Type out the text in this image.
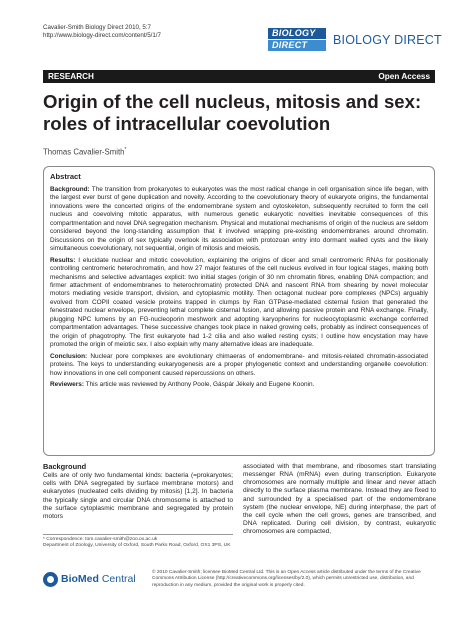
Cavalier-Smith Biology Direct 2010, 5:7
http://www.biology-direct.com/content/5/1/7	BIOLOGY
DIRECT	BIOLOGY DIRECT
RESEARCH	Open Access
Origin of the cell nucleus, mitosis and sex: roles of intracellular coevolution
Thomas Cavalier-Smith*
Abstract

Background: The transition from prokaryotes to eukaryotes was the most radical change in cell organisation since life began, with the largest ever burst of gene duplication and novelty. According to the coevolutionary theory of eukaryote origins, the fundamental innovations were the concerted origins of the endomembrane system and cytoskeleton, subsequently recruited to form the cell nucleus and coevolving mitotic apparatus, with numerous genetic eukaryotic novelties inevitable consequences of this compartmentation and novel DNA segregation mechanism. Physical and mutational mechanisms of origin of the nucleus are seldom considered beyond the long-standing assumption that it involved wrapping pre-existing endomembranes around chromatin. Discussions on the origin of sex typically overlook its association with protozoan entry into dormant walled cysts and the likely simultaneous coevolutionary, not sequential, origin of mitosis and meiosis.

Results: I elucidate nuclear and mitotic coevolution, explaining the origins of dicer and small centromeric RNAs for positionally controlling centromeric heterochromatin, and how 27 major features of the cell nucleus evolved in four logical stages, making both mechanisms and selective advantages explicit: two initial stages (origin of 30 nm chromatin fibres, enabling DNA compaction; and firmer attachment of endomembranes to heterochromatin) protected DNA and nascent RNA from shearing by novel molecular motors mediating vesicle transport, division, and cytoplasmic motility. Then octagonal nuclear pore complexes (NPCs) arguably evolved from COPII coated vesicle proteins trapped in clumps by Ran GTPase-mediated cisternal fusion that generated the fenestrated nuclear envelope, preventing lethal complete cisternal fusion, and allowing passive protein and RNA exchange. Finally, plugging NPC lumens by an FG-nucleoporin meshwork and adopting karyopherins for nucleocytoplasmic exchange conferred compartmentation advantages. These successive changes took place in naked growing cells, probably as indirect consequences of the origin of phagotrophy. The first eukaryote had 1-2 cilia and also walled resting cysts; I outline how encystation may have promoted the origin of meiotic sex. I also explain why many alternative ideas are inadequate.

Conclusion: Nuclear pore complexes are evolutionary chimaeras of endomembrane- and mitosis-related chromatin-associated proteins. The keys to understanding eukaryogenesis are a proper phylogenetic context and understanding organelle coevolution: how innovations in one cell component caused repercussions on others.

Reviewers: This article was reviewed by Anthony Poole, Gáspár Jékely and Eugene Koonin.

Background

Cells are of only two fundamental kinds: bacteria (=prokaryotes; cells with DNA segregated by surface membrane motors) and eukaryotes (nucleated cells dividing by mitosis) [1,2]. In bacteria the typically single and circular DNA chromosome is attached to the surface cytoplasmic membrane and segregated by protein motors

associated with that membrane, and ribosomes start translating messenger RNA (mRNA) even during transcription. Eukaryote chromosomes are normally multiple and linear and never attach directly to the surface plasma membrane. Instead they are fixed to and surrounded by a specialised part of the endomembrane system (the nuclear envelope, NE) during interphase, the part of the cell cycle when the cell grows, genes are transcribed, and DNA replicated. During cell division, by contrast, eukaryotic chromosomes are compacted,

* Correspondence: tom.cavalier-smith@zoo.ox.ac.uk
Department of Zoology, University of Oxford, South Parks Road, Oxford, OX1 3PS, UK
BioMed Central
© 2010 Cavalier-Smith; licensee BioMed Central Ltd. This is an Open Access article distributed under the terms of the Creative Commons Attribution License (http://creativecommons.org/licenses/by/2.0), which permits unrestricted use, distribution, and reproduction in any medium, provided the original work is properly cited.
